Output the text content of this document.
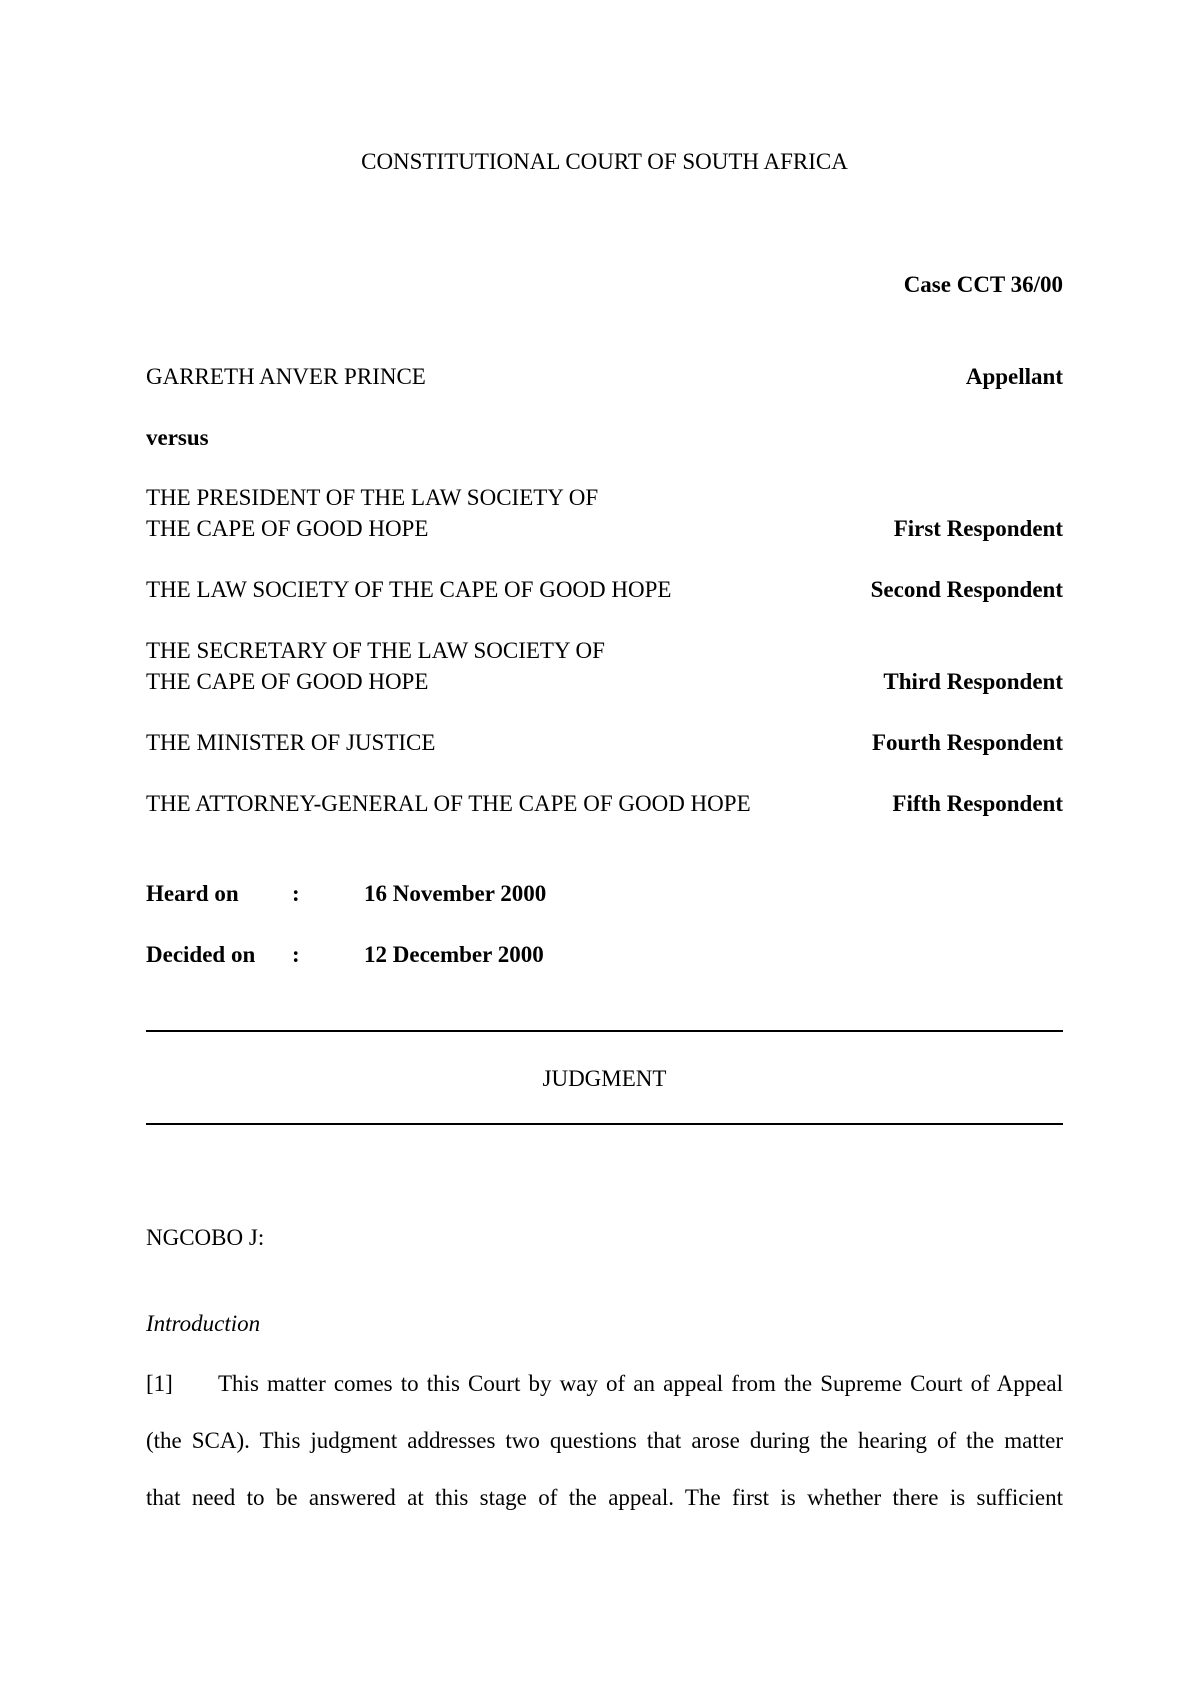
CONSTITUTIONAL COURT OF SOUTH AFRICA
Case CCT 36/00
GARRETH ANVER PRINCE	Appellant
versus
THE PRESIDENT OF THE LAW SOCIETY OF
THE CAPE OF GOOD HOPE	First Respondent
THE LAW SOCIETY OF THE CAPE OF GOOD HOPE	Second Respondent
THE SECRETARY OF THE LAW SOCIETY OF
THE CAPE OF GOOD HOPE	Third Respondent
THE MINISTER OF JUSTICE	Fourth Respondent
THE ATTORNEY-GENERAL OF THE CAPE OF GOOD HOPE	Fifth Respondent
Heard on :	16 November 2000
Decided on :	12 December 2000
JUDGMENT
NGCOBO J:
Introduction
[1] This matter comes to this Court by way of an appeal from the Supreme Court of Appeal
(the SCA). This judgment addresses two questions that arose during the hearing of the matter
that need to be answered at this stage of the appeal. The first is whether there is sufficient
